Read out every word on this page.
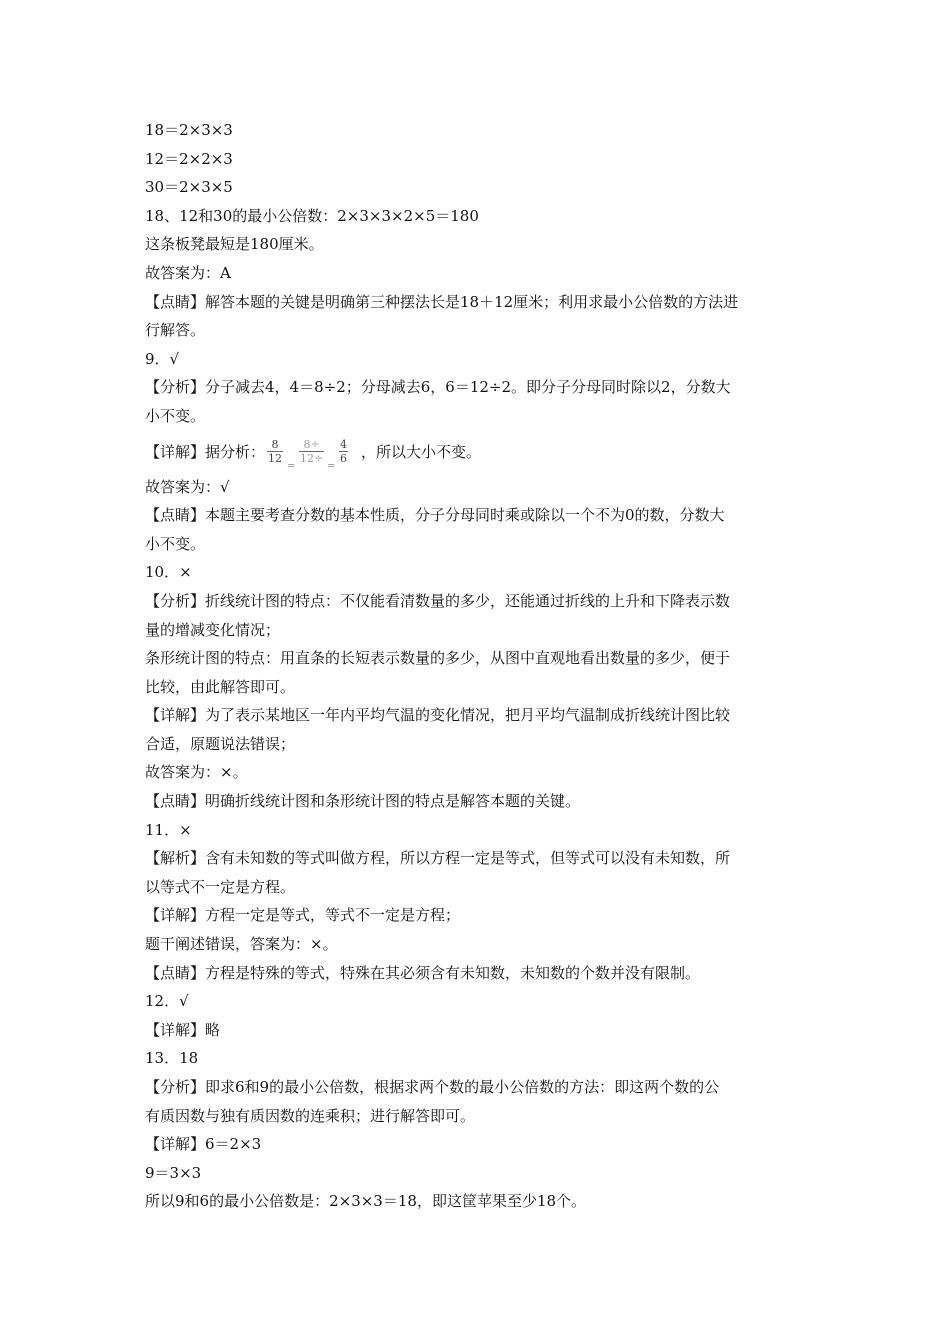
18＝2×3×3
12＝2×2×3
30＝2×3×5
18、12和30的最小公倍数：2×3×3×2×5＝180
这条板凳最短是180厘米。
故答案为：A
【点睛】解答本题的关键是明确第三种摆法长是18＋12厘米；利用求最小公倍数的方法进
行解答。
9．√
【分析】分子减去4，4＝8÷2；分母减去6，6＝12÷2。即分子分母同时除以2，分数大
小不变。
【详解】据分析： 8
12
=
8÷
12÷
=
4
6 ，所以大小不变。
故答案为：√
【点睛】本题主要考查分数的基本性质，分子分母同时乘或除以一个不为0的数，分数大
小不变。
10．×
【分析】折线统计图的特点：不仅能看清数量的多少，还能通过折线的上升和下降表示数
量的增减变化情况；
条形统计图的特点：用直条的长短表示数量的多少，从图中直观地看出数量的多少，便于
比较，由此解答即可。
【详解】为了表示某地区一年内平均气温的变化情况，把月平均气温制成折线统计图比较
合适，原题说法错误；
故答案为：×。
【点睛】明确折线统计图和条形统计图的特点是解答本题的关键。
11．×
【解析】含有未知数的等式叫做方程，所以方程一定是等式，但等式可以没有未知数，所
以等式不一定是方程。
【详解】方程一定是等式，等式不一定是方程；
题干阐述错误，答案为：×。
【点睛】方程是特殊的等式，特殊在其必须含有未知数，未知数的个数并没有限制。
12．√
【详解】略
13．18
【分析】即求6和9的最小公倍数，根据求两个数的最小公倍数的方法：即这两个数的公
有质因数与独有质因数的连乘积；进行解答即可。
【详解】6＝2×3
9＝3×3
所以9和6的最小公倍数是：2×3×3＝18，即这筐苹果至少18个。
